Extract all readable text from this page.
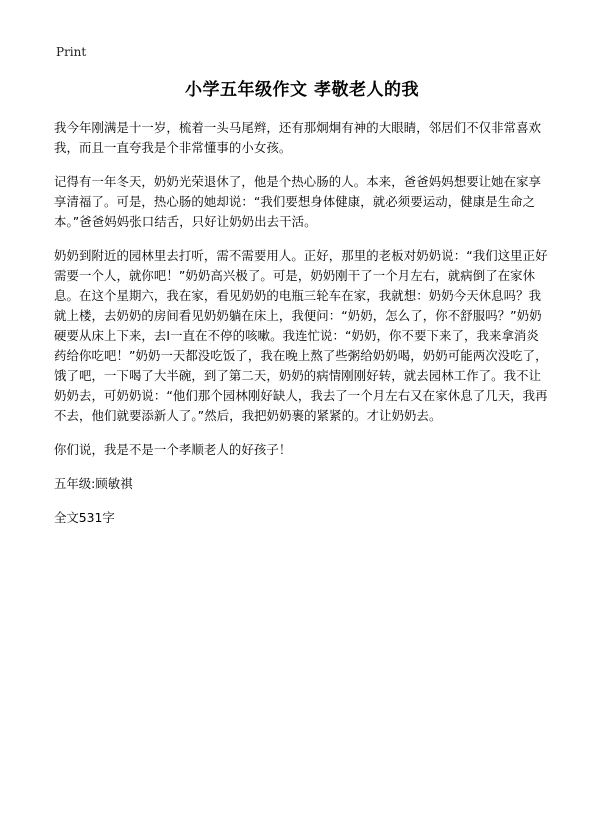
Print
小学五年级作文 孝敬老人的我
我今年刚满是十一岁，梳着一头马尾辫，还有那炯炯有神的大眼睛，邻居们不仅非常喜欢我，而且一直夸我是个非常懂事的小女孩。
记得有一年冬天，奶奶光荣退休了，他是个热心肠的人。本来，爸爸妈妈想要让她在家享享清福了。可是，热心肠的她却说：“我们要想身体健康，就必须要运动，健康是生命之本。”爸爸妈妈张口结舌，只好让奶奶出去干活。
奶奶到附近的园林里去打听，需不需要用人。正好，那里的老板对奶奶说：“我们这里正好需要一个人，就你吧！”奶奶高兴极了。可是，奶奶刚干了一个月左右，就病倒了在家休息。在这个星期六，我在家，看见奶奶的电瓶三轮车在家，我就想：奶奶今天休息吗？我就上楼，去奶奶的房间看见奶奶躺在床上，我便问：“奶奶，怎么了，你不舒服吗？”奶奶硬要从床上下来，去I一直在不停的咳嗽。我连忙说：“奶奶，你不要下来了，我来拿消炎药给你吃吧！”奶奶一天都没吃饭了，我在晚上熬了些粥给奶奶喝，奶奶可能两次没吃了，饿了吧，一下喝了大半碗，到了第二天，奶奶的病情刚刚好转，就去园林工作了。我不让奶奶去，可奶奶说：“他们那个园林刚好缺人，我去了一个月左右又在家休息了几天，我再不去，他们就要添新人了。”然后，我把奶奶裹的紧紧的。才让奶奶去。
你们说，我是不是一个孝顺老人的好孩子！
五年级:顾敏祺
全文531字
